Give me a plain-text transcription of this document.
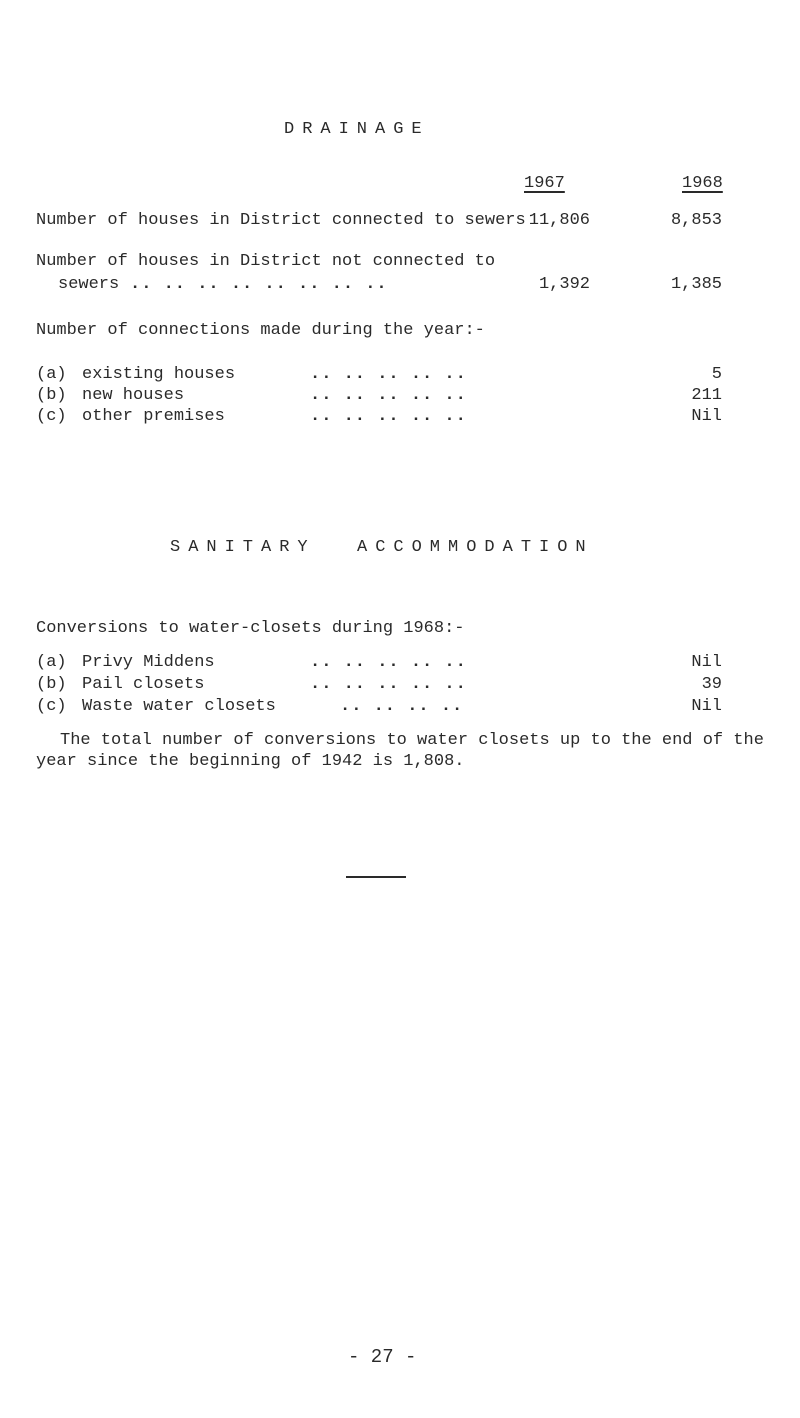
DRAINAGE
1967	1968
Number of houses in District connected to sewers 11,806	8,853
Number of houses in District not connected to
sewers .. .. .. .. .. .. .. ..	1,392	1,385
Number of connections made during the year:-
(a) existing houses	.. .. .. .. ..	5
(b) new houses	.. .. .. .. ..	211
(c) other premises	.. .. .. .. ..	Nil
SANITARY ACCOMMODATION
Conversions to water-closets during 1968:-
(a) Privy Middens	.. .. .. .. ..	Nil
(b) Pail closets	.. .. .. .. ..	39
(c) Waste water closets	.. .. .. ..	Nil
The total number of conversions to water closets up to the end of the
year since the beginning of 1942 is 1,808.
- 27 -
